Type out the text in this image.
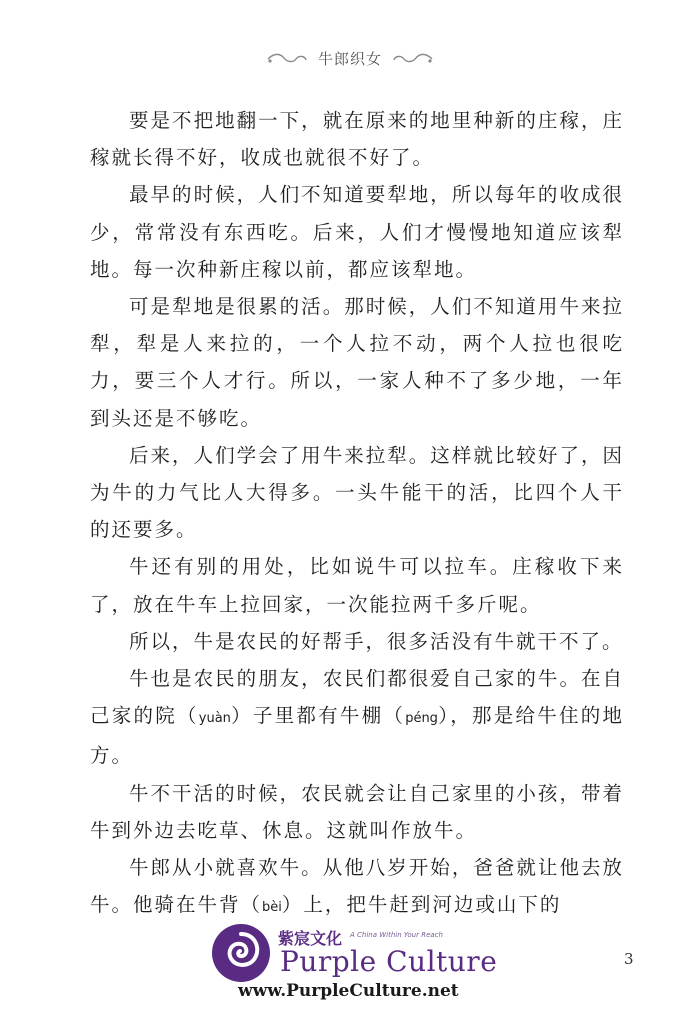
牛郎织女

要是不把地翻一下，就在原来的地里种新的庄稼，庄稼就长得不好，收成也就很不好了。

最早的时候，人们不知道要犁地，所以每年的收成很少，常常没有东西吃。后来，人们才慢慢地知道应该犁地。每一次种新庄稼以前，都应该犁地。

可是犁地是很累的活。那时候，人们不知道用牛来拉犁，犁是人来拉的，一个人拉不动，两个人拉也很吃力，要三个人才行。所以，一家人种不了多少地，一年到头还是不够吃。

后来，人们学会了用牛来拉犁。这样就比较好了，因为牛的力气比人大得多。一头牛能干的活，比四个人干的还要多。

牛还有别的用处，比如说牛可以拉车。庄稼收下来了，放在牛车上拉回家，一次能拉两千多斤呢。

所以，牛是农民的好帮手，很多活没有牛就干不了。

牛也是农民的朋友，农民们都很爱自己家的牛。在自己家的院（yuàn）子里都有牛棚（péng），那是给牛住的地方。

牛不干活的时候，农民就会让自己家里的小孩，带着牛到外边去吃草、休息。这就叫作放牛。

牛郎从小就喜欢牛。从他八岁开始，爸爸就让他去放牛。他骑在牛背（bèi）上，把牛赶到河边或山下的

3
紫宸文化 A China Within Your Reach
Purple Culture
www.PurpleCulture.net
